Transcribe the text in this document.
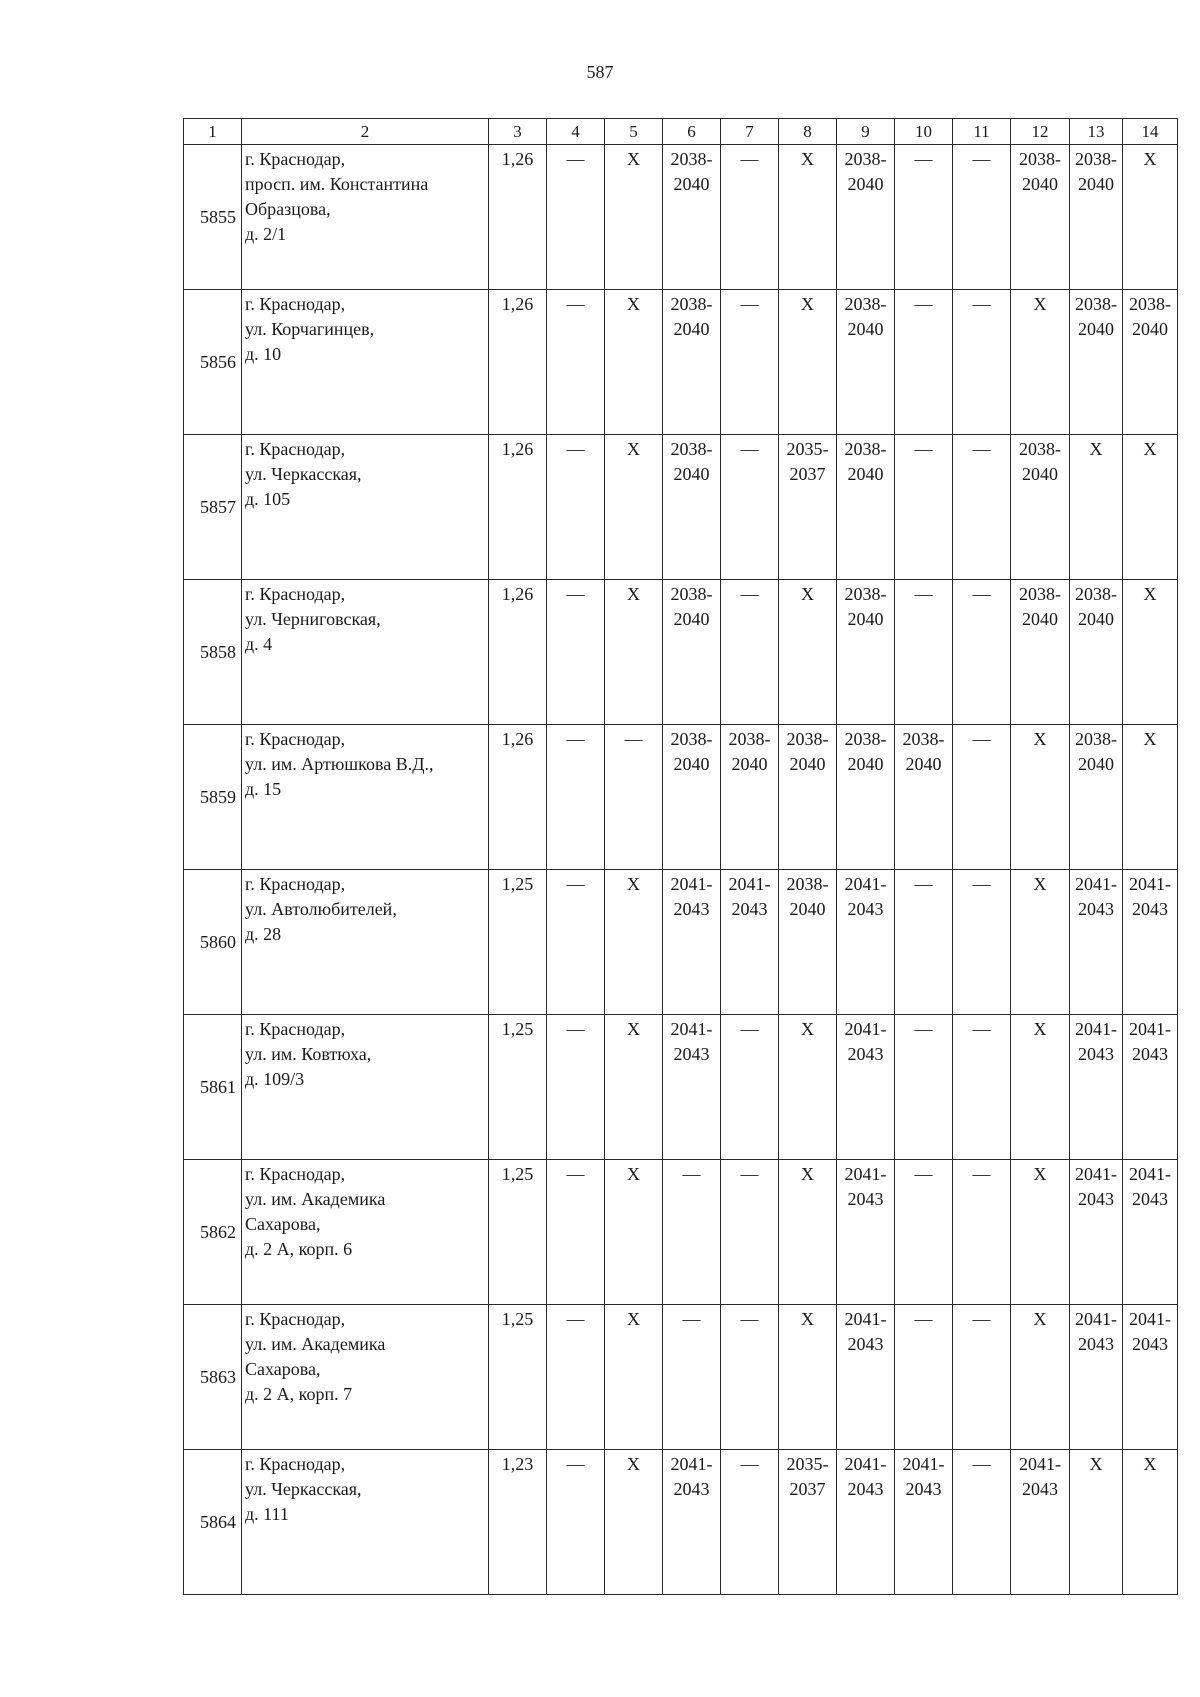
587
1	2	3	4	5	6	7	8	9	10	11	12	13	14
5855	г. Краснодар,
просп. им. Константина
Образцова,
д. 2/1	1,26	—	Х	2038-
2040	—	Х	2038-
2040	—	—	2038-
2040	2038-
2040	Х

5856	г. Краснодар,
ул. Корчагинцев,
д. 10	1,26	—	Х	2038-
2040	—	Х	2038-
2040	—	—	Х	2038-
2040	2038-
2040

5857	г. Краснодар,
ул. Черкасская,
д. 105	1,26	—	Х	2038-
2040	—	2035-
2037	2038-
2040	—	—	2038-
2040	Х	Х

5858	г. Краснодар,
ул. Черниговская,
д. 4	1,26	—	Х	2038-
2040	—	Х	2038-
2040	—	—	2038-
2040	2038-
2040	Х

5859	г. Краснодар,
ул. им. Артюшкова В.Д.,
д. 15	1,26	—	—	2038-
2040	2038-
2040	2038-
2040	2038-
2040	2038-
2040	—	Х	2038-
2040	Х

5860	г. Краснодар,
ул. Автолюбителей,
д. 28	1,25	—	Х	2041-
2043	2041-
2043	2038-
2040	2041-
2043	—	—	Х	2041-
2043	2041-
2043

5861	г. Краснодар,
ул. им. Ковтюха,
д. 109/3	1,25	—	Х	2041-
2043	—	Х	2041-
2043	—	—	Х	2041-
2043	2041-
2043

5862	г. Краснодар,
ул. им. Академика
Сахарова,
д. 2 А, корп. 6	1,25	—	Х	—	—	Х	2041-
2043	—	—	Х	2041-
2043	2041-
2043

5863	г. Краснодар,
ул. им. Академика
Сахарова,
д. 2 А, корп. 7	1,25	—	Х	—	—	Х	2041-
2043	—	—	Х	2041-
2043	2041-
2043

5864	г. Краснодар,
ул. Черкасская,
д. 111	1,23	—	Х	2041-
2043	—	2035-
2037	2041-
2043	2041-
2043	—	2041-
2043	Х	Х
